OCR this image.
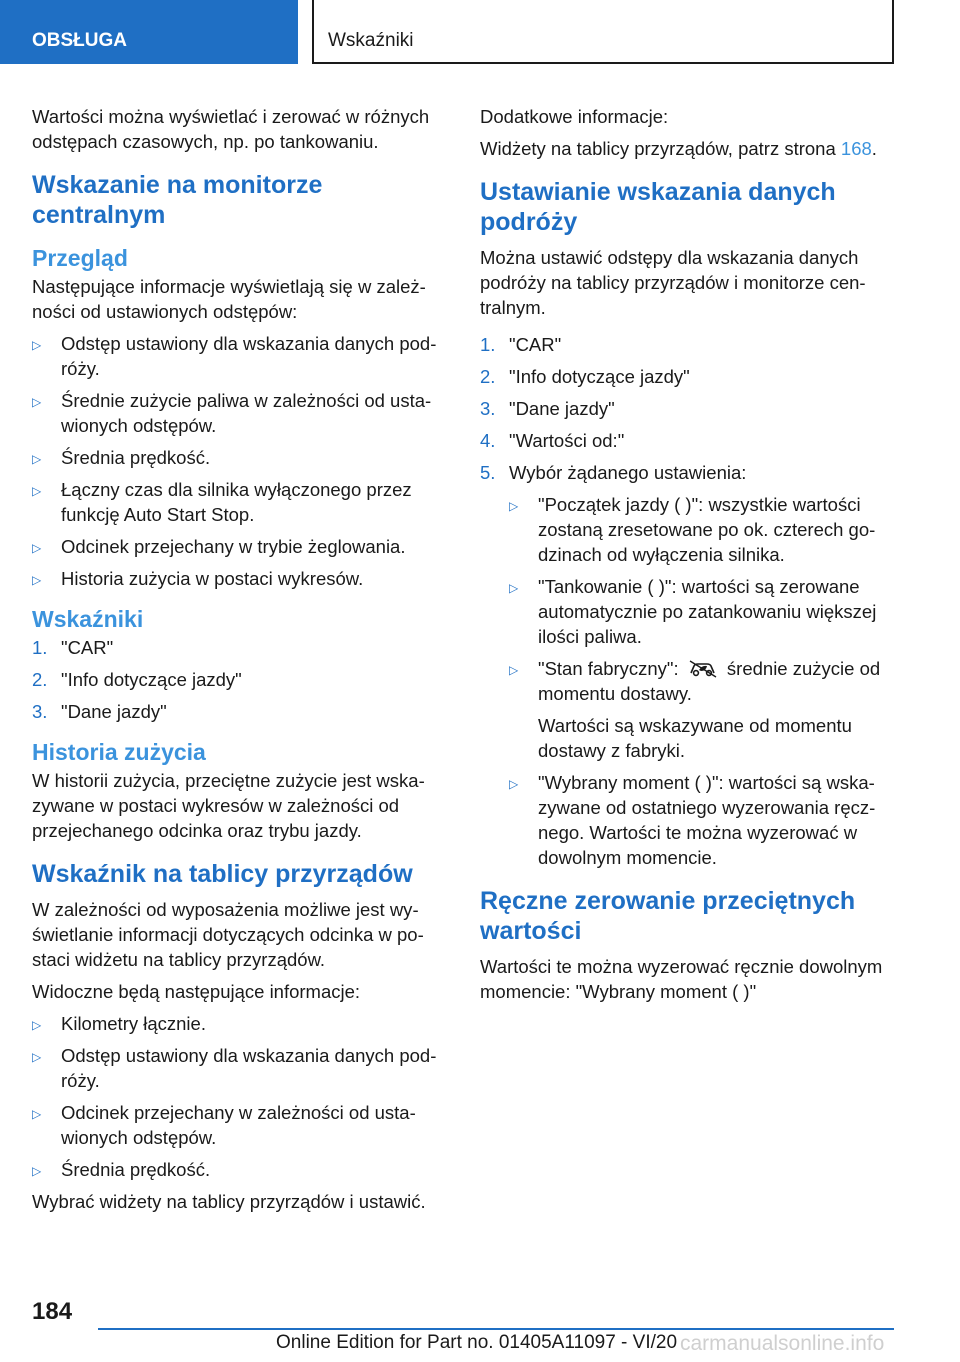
OBSŁUGA	Wskaźniki

Wartości można wyświetlać i zerować w różnych odstępach czasowych, np. po tankowaniu.

Wskazanie na monitorze centralnym
Przegląd

Następujące informacje wyświetlają się w zależności od ustawionych odstępów:

▷ Odstęp ustawiony dla wskazania danych podróży.
▷ Średnie zużycie paliwa w zależności od ustawionych odstępów.
▷ Średnia prędkość.
▷ Łączny czas dla silnika wyłączonego przez funkcję Auto Start Stop.
▷ Odcinek przejechany w trybie żeglowania.
▷ Historia zużycia w postaci wykresów.
Wskaźniki
1. "CAR"
2. "Info dotyczące jazdy"
3. "Dane jazdy"
Historia zużycia

W historii zużycia, przeciętne zużycie jest wskazywane w postaci wykresów w zależności od przejechanego odcinka oraz trybu jazdy.

Wskaźnik na tablicy przyrządów

W zależności od wyposażenia możliwe jest wyświetlanie informacji dotyczących odcinka w postaci widżetu na tablicy przyrządów.

Widoczne będą następujące informacje:

▷ Kilometry łącznie.
▷ Odstęp ustawiony dla wskazania danych podróży.
▷ Odcinek przejechany w zależności od ustawionych odstępów.
▷ Średnia prędkość.

Wybrać widżety na tablicy przyrządów i ustawić.

Dodatkowe informacje:

Widżety na tablicy przyrządów, patrz strona 168.

Ustawianie wskazania danych podróży

Można ustawić odstępy dla wskazania danych podróży na tablicy przyrządów i monitorze centralnym.

1. "CAR"
2. "Info dotyczące jazdy"
3. "Dane jazdy"
4. "Wartości od:"
5. Wybór żądanego ustawienia:
▷ "Początek jazdy ( )": wszystkie wartości zostaną zresetowane po ok. czterech godzinach od wyłączenia silnika.
▷ "Tankowanie ( )": wartości są zerowane automatycznie po zatankowaniu większej ilości paliwa.
▷ "Stan fabryczny":	średnie zużycie od momentu dostawy.

Wartości są wskazywane od momentu dostawy z fabryki.

▷ "Wybrany moment ( )": wartości są wskazywane od ostatniego wyzerowania ręcznego. Wartości te można wyzerować w dowolnym momencie.
Ręczne zerowanie przeciętnych wartości

Wartości te można wyzerować ręcznie dowolnym momencie: "Wybrany moment ( )"

184
Online Edition for Part no. 01405A11097 - VI/20 carmanualsonline.info
